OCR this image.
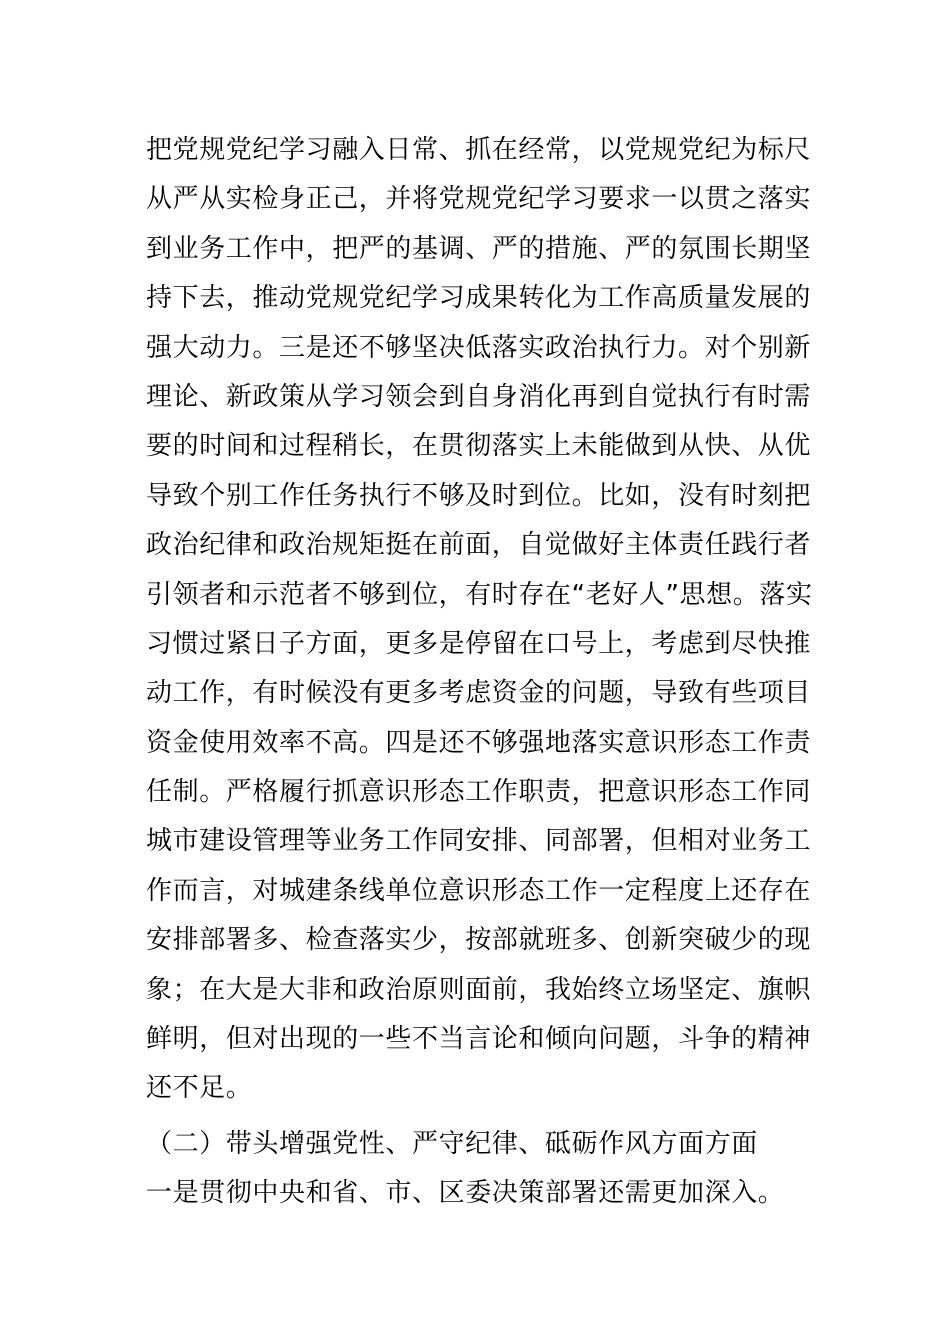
把党规党纪学习融入日常、抓在经常，以党规党纪为标尺
从严从实检身正己，并将党规党纪学习要求一以贯之落实
到业务工作中，把严的基调、严的措施、严的氛围长期坚
持下去，推动党规党纪学习成果转化为工作高质量发展的
强大动力。三是还不够坚决低落实政治执行力。对个别新
理论、新政策从学习领会到自身消化再到自觉执行有时需
要的时间和过程稍长，在贯彻落实上未能做到从快、从优
导致个别工作任务执行不够及时到位。比如，没有时刻把
政治纪律和政治规矩挺在前面，自觉做好主体责任践行者
引领者和示范者不够到位，有时存在“老好人”思想。落实
习惯过紧日子方面，更多是停留在口号上，考虑到尽快推
动工作，有时候没有更多考虑资金的问题，导致有些项目
资金使用效率不高。四是还不够强地落实意识形态工作责
任制。严格履行抓意识形态工作职责，把意识形态工作同
城市建设管理等业务工作同安排、同部署，但相对业务工
作而言，对城建条线单位意识形态工作一定程度上还存在
安排部署多、检查落实少，按部就班多、创新突破少的现
象；在大是大非和政治原则面前，我始终立场坚定、旗帜
鲜明，但对出现的一些不当言论和倾向问题，斗争的精神
还不足。
（二）带头增强党性、严守纪律、砥砺作风方面方面
一是贯彻中央和省、市、区委决策部署还需更加深入。
